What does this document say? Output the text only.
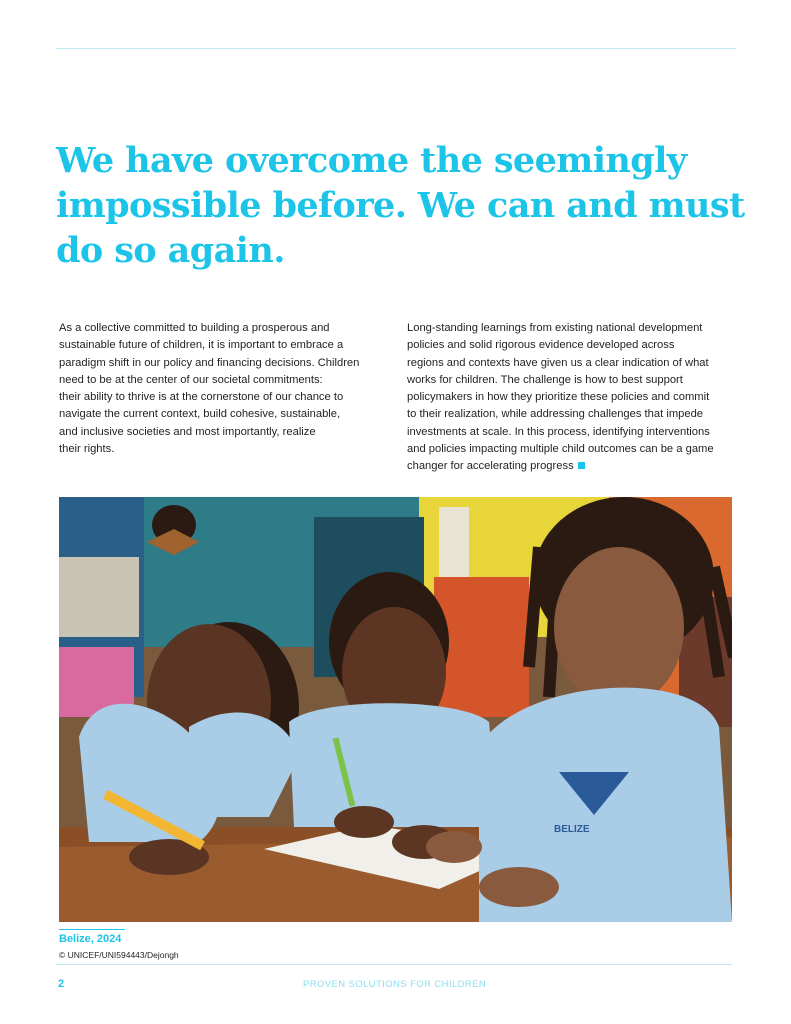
We have overcome the seemingly
impossible before. We can and must
do so again.
As a collective committed to building a prosperous and
sustainable future of children, it is important to embrace a
paradigm shift in our policy and financing decisions. Children
need to be at the center of our societal commitments:
their ability to thrive is at the cornerstone of our chance to
navigate the current context, build cohesive, sustainable,
and inclusive societies and most importantly, realize
their rights.
Long-standing learnings from existing national development
policies and solid rigorous evidence developed across
regions and contexts have given us a clear indication of what
works for children. The challenge is how to best support
policymakers in how they prioritize these policies and commit
to their realization, while addressing challenges that impede
investments at scale. In this process, identifying interventions
and policies impacting multiple child outcomes can be a game
changer for accelerating progress
BELIZE
Belize, 2024
© UNICEF/UNI594443/Dejongh
2	PROVEN SOLUTIONS FOR CHILDREN
